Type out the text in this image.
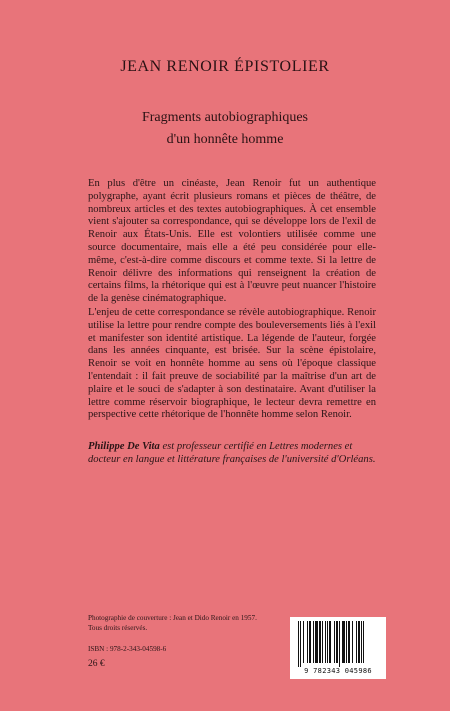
JEAN RENOIR ÉPISTOLIER
Fragments autobiographiques
d'un honnête homme

En plus d'être un cinéaste, Jean Renoir fut un authentique polygraphe, ayant écrit plusieurs romans et pièces de théâtre, de nombreux articles et des textes autobiographiques. À cet ensemble vient s'ajouter sa correspondance, qui se développe lors de l'exil de Renoir aux États-Unis. Elle est volontiers utilisée comme une source documentaire, mais elle a été peu considérée pour elle-même, c'est-à-dire comme discours et comme texte. Si la lettre de Renoir délivre des informations qui renseignent la création de certains films, la rhétorique qui est à l'œuvre peut nuancer l'histoire de la genèse cinématographique.

L'enjeu de cette correspondance se révèle autobiographique. Renoir utilise la lettre pour rendre compte des bouleversements liés à l'exil et manifester son identité artistique. La légende de l'auteur, forgée dans les années cinquante, est brisée. Sur la scène épistolaire, Renoir se voit en honnête homme au sens où l'époque classique l'entendait : il fait preuve de sociabilité par la maîtrise d'un art de plaire et le souci de s'adapter à son destinataire. Avant d'utiliser la lettre comme réservoir biographique, le lecteur devra remettre en perspective cette rhétorique de l'honnête homme selon Renoir.

Philippe De Vita est professeur certifié en Lettres modernes et docteur en langue et littérature françaises de l'université d'Orléans.
Photographie de couverture : Jean et Dido Renoir en 1957. Tous droits réservés.
ISBN : 978-2-343-04598-6
26 €
9 782343 045986
